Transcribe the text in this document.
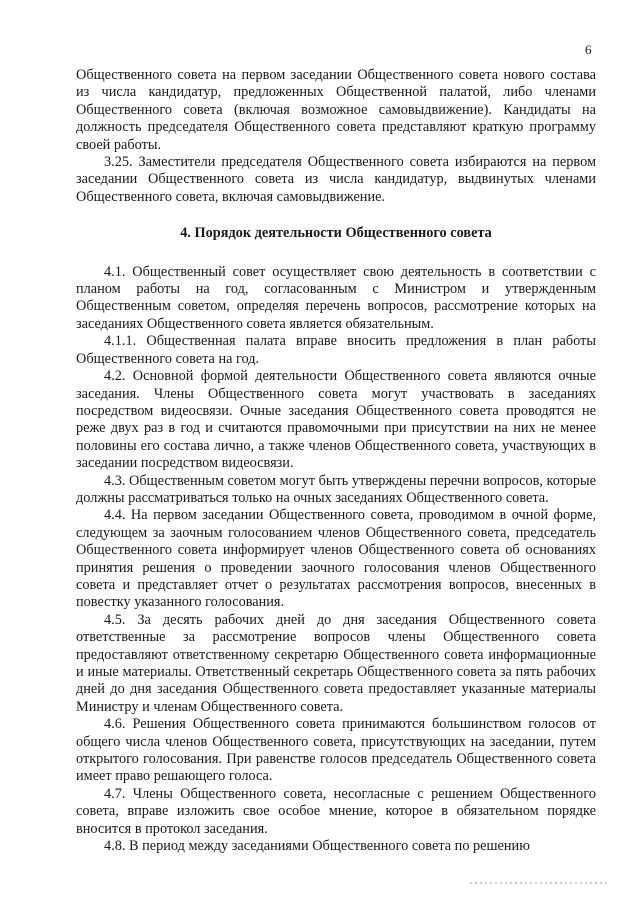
6

Общественного совета на первом заседании Общественного совета нового состава из числа кандидатур, предложенных Общественной палатой, либо членами Общественного совета (включая возможное самовыдвижение). Кандидаты на должность председателя Общественного совета представляют краткую программу своей работы.

3.25. Заместители председателя Общественного совета избираются на первом заседании Общественного совета из числа кандидатур, выдвинутых членами Общественного совета, включая самовыдвижение.

4. Порядок деятельности Общественного совета

4.1. Общественный совет осуществляет свою деятельность в соответствии с планом работы на год, согласованным с Министром и утвержденным Общественным советом, определяя перечень вопросов, рассмотрение которых на заседаниях Общественного совета является обязательным.

4.1.1. Общественная палата вправе вносить предложения в план работы Общественного совета на год.

4.2. Основной формой деятельности Общественного совета являются очные заседания. Члены Общественного совета могут участвовать в заседаниях посредством видеосвязи. Очные заседания Общественного совета проводятся не реже двух раз в год и считаются правомочными при присутствии на них не менее половины его состава лично, а также членов Общественного совета, участвующих в заседании посредством видеосвязи.

4.3. Общественным советом могут быть утверждены перечни вопросов, которые должны рассматриваться только на очных заседаниях Общественного совета.

4.4. На первом заседании Общественного совета, проводимом в очной форме, следующем за заочным голосованием членов Общественного совета, председатель Общественного совета информирует членов Общественного совета об основаниях принятия решения о проведении заочного голосования членов Общественного совета и представляет отчет о результатах рассмотрения вопросов, внесенных в повестку указанного голосования.

4.5. За десять рабочих дней до дня заседания Общественного совета ответственные за рассмотрение вопросов члены Общественного совета предоставляют ответственному секретарю Общественного совета информационные и иные материалы. Ответственный секретарь Общественного совета за пять рабочих дней до дня заседания Общественного совета предоставляет указанные материалы Министру и членам Общественного совета.

4.6. Решения Общественного совета принимаются большинством голосов от общего числа членов Общественного совета, присутствующих на заседании, путем открытого голосования. При равенстве голосов председатель Общественного совета имеет право решающего голоса.

4.7. Члены Общественного совета, несогласные с решением Общественного совета, вправе изложить свое особое мнение, которое в обязательном порядке вносится в протокол заседания.

4.8. В период между заседаниями Общественного совета по решению
